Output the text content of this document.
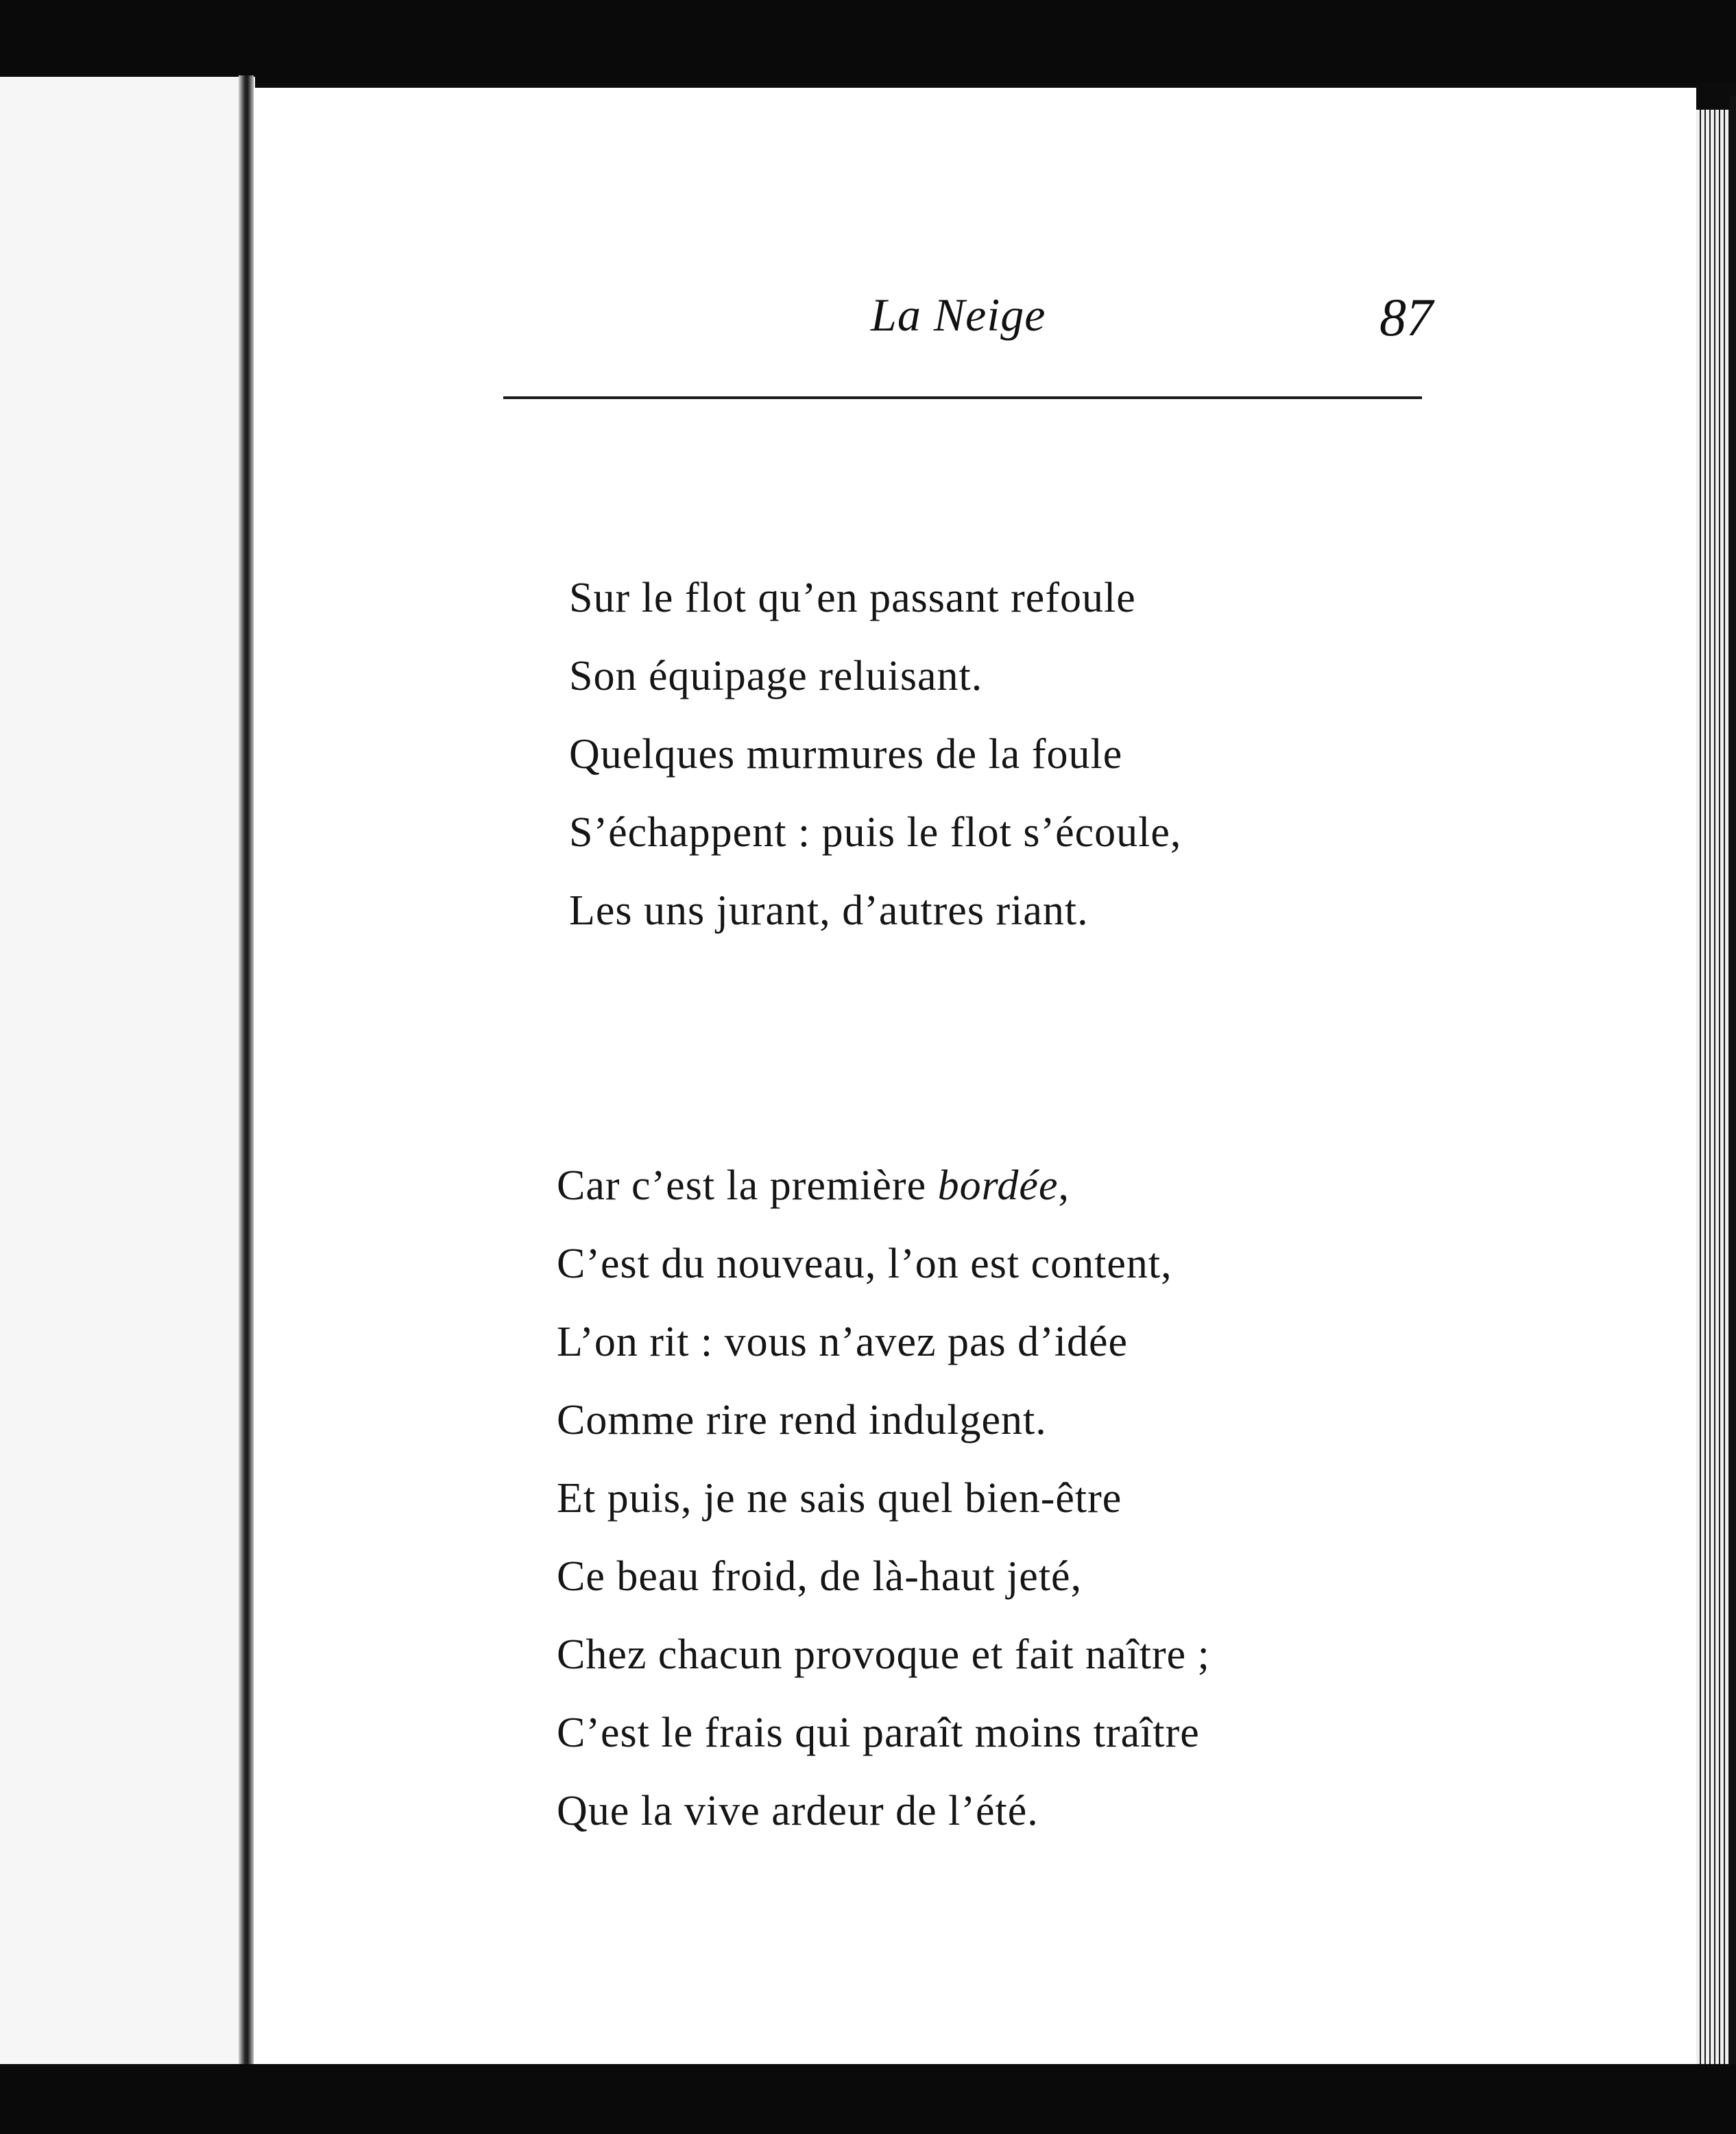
La Neige	87
Sur le flot qu’en passant refoule
Son équipage reluisant.
Quelques murmures de la foule
S’échappent : puis le flot s’écoule,
Les uns jurant, d’autres riant.
Car c’est la première bordée,
C’est du nouveau, l’on est content,
L’on rit : vous n’avez pas d’idée
Comme rire rend indulgent.
Et puis, je ne sais quel bien-être
Ce beau froid, de là-haut jeté,
Chez chacun provoque et fait naître ;
C’est le frais qui paraît moins traître
Que la vive ardeur de l’été.
